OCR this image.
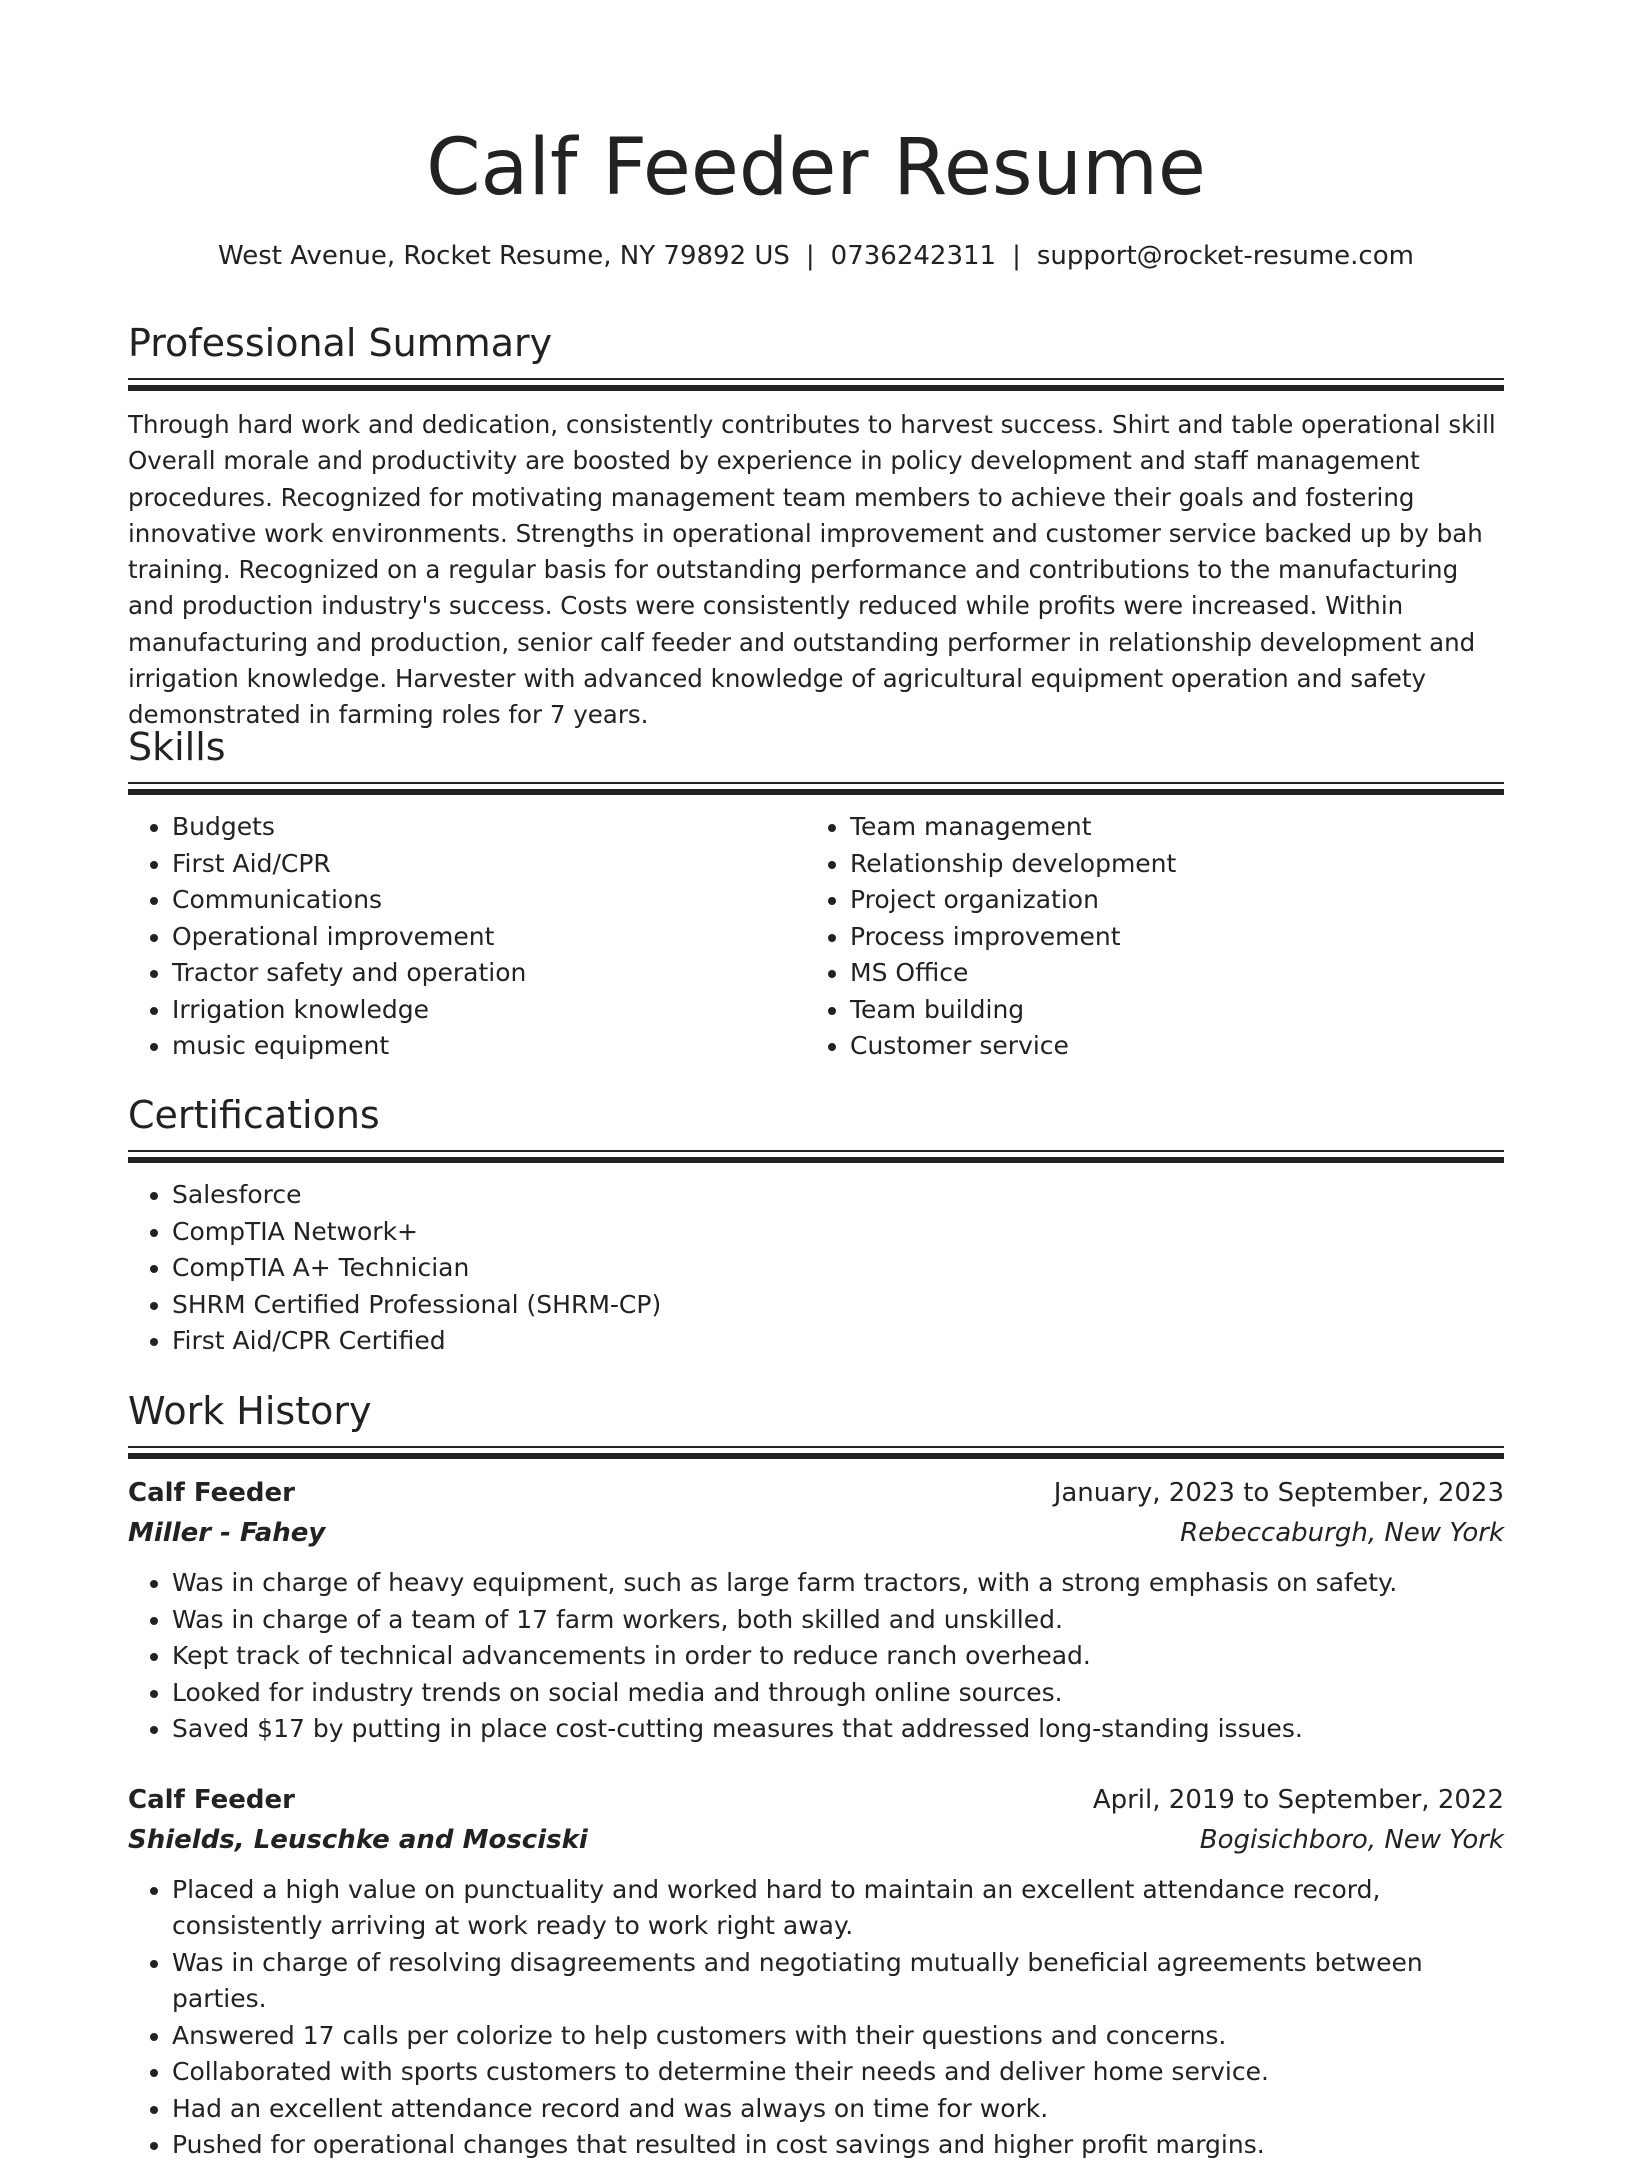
Calf Feeder Resume
West Avenue, Rocket Resume, NY 79892 US | 0736242311 | support@rocket-resume.com
Professional Summary
Through hard work and dedication, consistently contributes to harvest success. Shirt and table operational skill Overall morale and productivity are boosted by experience in policy development and staff management procedures. Recognized for motivating management team members to achieve their goals and fostering innovative work environments. Strengths in operational improvement and customer service backed up by bah training. Recognized on a regular basis for outstanding performance and contributions to the manufacturing and production industry's success. Costs were consistently reduced while profits were increased. Within manufacturing and production, senior calf feeder and outstanding performer in relationship development and irrigation knowledge. Harvester with advanced knowledge of agricultural equipment operation and safety demonstrated in farming roles for 7 years.
Skills
• Budgets
• First Aid/CPR
• Communications
• Operational improvement
• Tractor safety and operation
• Irrigation knowledge
• music equipment
• Team management
• Relationship development
• Project organization
• Process improvement
• MS Office
• Team building
• Customer service
Certifications
• Salesforce
• CompTIA Network+
• CompTIA A+ Technician
• SHRM Certified Professional (SHRM-CP)
• First Aid/CPR Certified
Work History
Calf Feeder	January, 2023 to September, 2023
Miller - Fahey	Rebeccaburgh, New York
• Was in charge of heavy equipment, such as large farm tractors, with a strong emphasis on safety.
• Was in charge of a team of 17 farm workers, both skilled and unskilled.
• Kept track of technical advancements in order to reduce ranch overhead.
• Looked for industry trends on social media and through online sources.
• Saved $17 by putting in place cost-cutting measures that addressed long-standing issues.
Calf Feeder	April, 2019 to September, 2022
Shields, Leuschke and Mosciski	Bogisichboro, New York
• Placed a high value on punctuality and worked hard to maintain an excellent attendance record, consistently arriving at work ready to work right away.
• Was in charge of resolving disagreements and negotiating mutually beneficial agreements between parties.
• Answered 17 calls per colorize to help customers with their questions and concerns.
• Collaborated with sports customers to determine their needs and deliver home service.
• Had an excellent attendance record and was always on time for work.
• Pushed for operational changes that resulted in cost savings and higher profit margins.
